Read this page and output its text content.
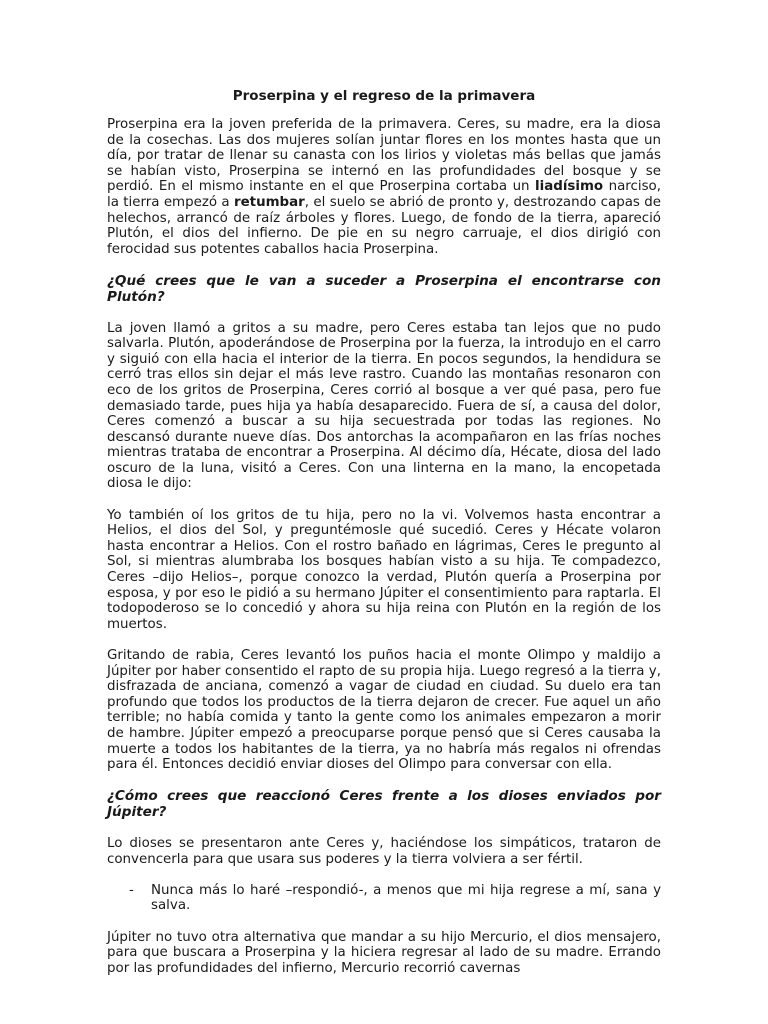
Proserpina y el regreso de la primavera

Proserpina era la joven preferida de la primavera. Ceres, su madre, era la diosa de la cosechas. Las dos mujeres solían juntar flores en los montes hasta que un día, por tratar de llenar su canasta con los lirios y violetas más bellas que jamás se habían visto, Proserpina se internó en las profundidades del bosque y se perdió. En el mismo instante en el que Proserpina cortaba un liadísimo narciso, la tierra empezó a retumbar, el suelo se abrió de pronto y, destrozando capas de helechos, arrancó de raíz árboles y flores. Luego, de fondo de la tierra, apareció Plutón, el dios del infierno. De pie en su negro carruaje, el dios dirigió con ferocidad sus potentes caballos hacia Proserpina.

¿Qué crees que le van a suceder a Proserpina el encontrarse con Plutón?

La joven llamó a gritos a su madre, pero Ceres estaba tan lejos que no pudo salvarla. Plutón, apoderándose de Proserpina por la fuerza, la introdujo en el carro y siguió con ella hacia el interior de la tierra. En pocos segundos, la hendidura se cerró tras ellos sin dejar el más leve rastro. Cuando las montañas resonaron con eco de los gritos de Proserpina, Ceres corrió al bosque a ver qué pasa, pero fue demasiado tarde, pues hija ya había desaparecido. Fuera de sí, a causa del dolor, Ceres comenzó a buscar a su hija secuestrada por todas las regiones. No descansó durante nueve días. Dos antorchas la acompañaron en las frías noches mientras trataba de encontrar a Proserpina. Al décimo día, Hécate, diosa del lado oscuro de la luna, visitó a Ceres. Con una linterna en la mano, la encopetada diosa le dijo:

Yo también oí los gritos de tu hija, pero no la vi. Volvemos hasta encontrar a Helios, el dios del Sol, y preguntémosle qué sucedió. Ceres y Hécate volaron hasta encontrar a Helios. Con el rostro bañado en lágrimas, Ceres le pregunto al Sol, si mientras alumbraba los bosques habían visto a su hija. Te compadezco, Ceres –dijo Helios–, porque conozco la verdad, Plutón quería a Proserpina por esposa, y por eso le pidió a su hermano Júpiter el consentimiento para raptarla. El todopoderoso se lo concedió y ahora su hija reina con Plutón en la región de los muertos.

Gritando de rabia, Ceres levantó los puños hacia el monte Olimpo y maldijo a Júpiter por haber consentido el rapto de su propia hija. Luego regresó a la tierra y, disfrazada de anciana, comenzó a vagar de ciudad en ciudad. Su duelo era tan profundo que todos los productos de la tierra dejaron de crecer. Fue aquel un año terrible; no había comida y tanto la gente como los animales empezaron a morir de hambre. Júpiter empezó a preocuparse porque pensó que si Ceres causaba la muerte a todos los habitantes de la tierra, ya no habría más regalos ni ofrendas para él. Entonces decidió enviar dioses del Olimpo para conversar con ella.

¿Cómo crees que reaccionó Ceres frente a los dioses enviados por Júpiter?

Lo dioses se presentaron ante Ceres y, haciéndose los simpáticos, trataron de convencerla para que usara sus poderes y la tierra volviera a ser fértil.

-	Nunca más lo haré –respondió-, a menos que mi hija regrese a mí, sana y salva.

Júpiter no tuvo otra alternativa que mandar a su hijo Mercurio, el dios mensajero, para que buscara a Proserpina y la hiciera regresar al lado de su madre. Errando por las profundidades del infierno, Mercurio recorrió cavernas
